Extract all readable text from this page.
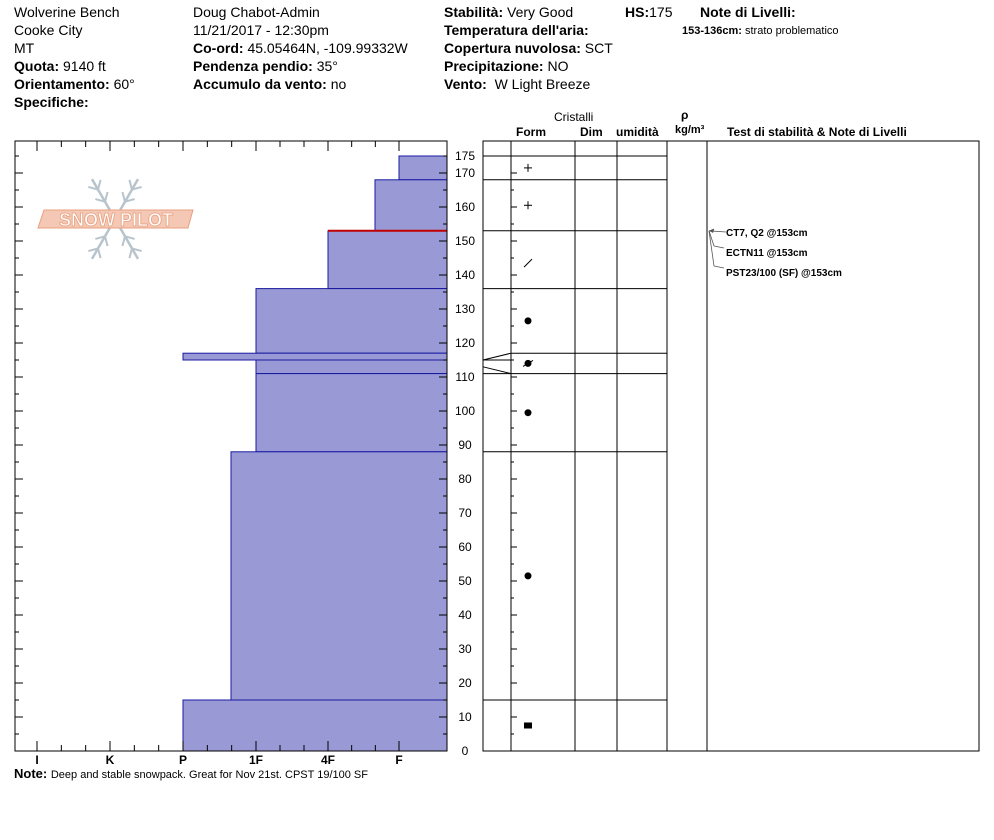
Wolverine Bench
Cooke City
MT
Quota: 9140 ft
Orientamento: 60°
Specifiche:
Doug Chabot-Admin
11/21/2017 - 12:30pm
Co-ord: 45.05464N, -109.99332W
Pendenza pendio: 35°
Accumulo da vento: no
Stabilità: Very Good	HS:175 Note di Livelli:
Temperatura dell'aria:	153-136cm: strato problematico
Copertura nuvolosa: SCT
Precipitazione: NO
Vento: W Light Breeze
Cristalli
Form	Dim umidità
ρ
kg/m³ Test di stabilità & Note di Livelli
SNOW PILOT
I	K	P	1F	4F	F
0
10
20
30
40
50
60
70
80
90
100
110
120
130
140
150
160
170
175
CT7, Q2 @153cm
ECTN11 @153cm
PST23/100 (SF) @153cm
Note: Deep and stable snowpack. Great for Nov 21st. CPST 19/100 SF
